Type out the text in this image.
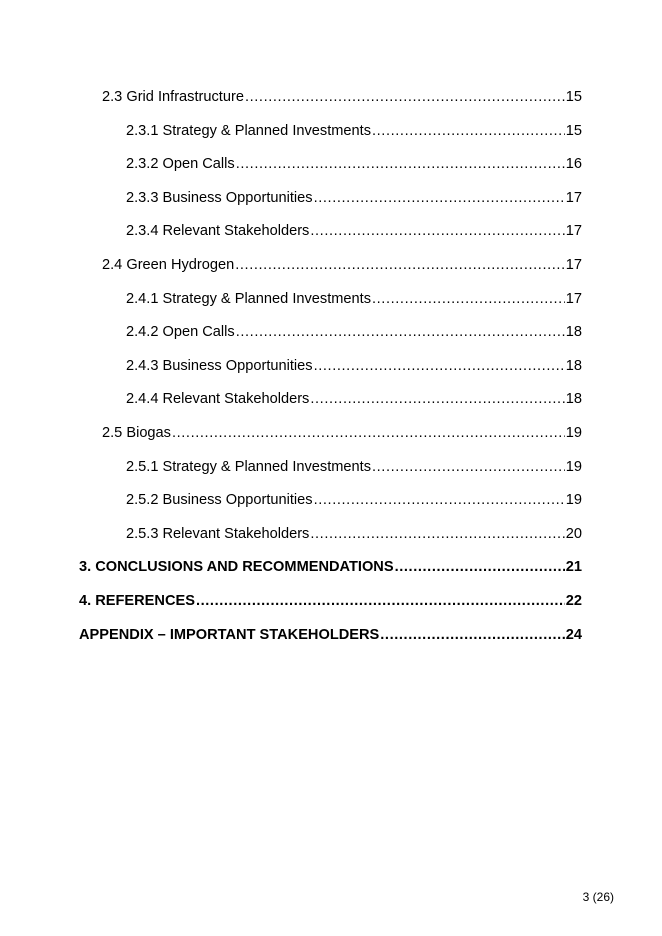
2.3 Grid Infrastructure .....	15
2.3.1 Strategy & Planned Investments .....	15
2.3.2 Open Calls .....	16
2.3.3 Business Opportunities .....	17
2.3.4 Relevant Stakeholders .....	17
2.4 Green Hydrogen .....	17
2.4.1 Strategy & Planned Investments .....	17
2.4.2 Open Calls .....	18
2.4.3 Business Opportunities .....	18
2.4.4 Relevant Stakeholders .....	18
2.5 Biogas .....	19
2.5.1 Strategy & Planned Investments .....	19
2.5.2 Business Opportunities .....	19
2.5.3 Relevant Stakeholders .....	20
3. CONCLUSIONS AND RECOMMENDATIONS .....	21
4. REFERENCES .....	22
APPENDIX – IMPORTANT STAKEHOLDERS .....	24
3 (26)
